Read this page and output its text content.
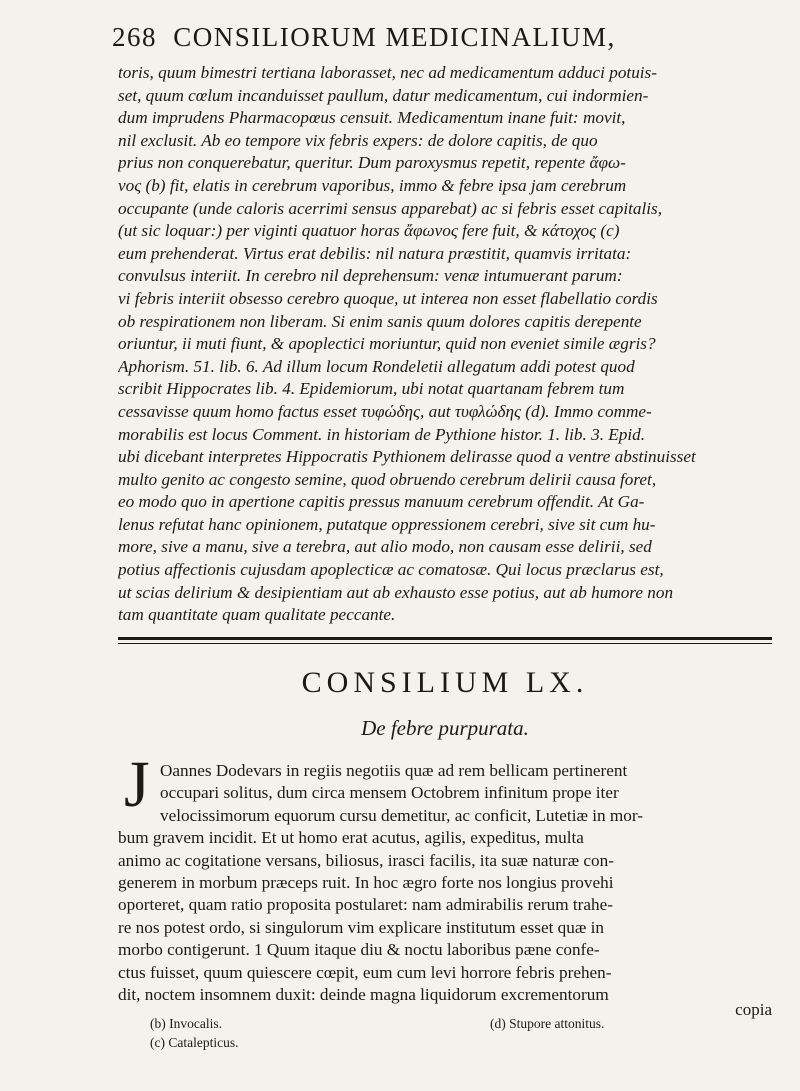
268 CONSILIORUM MEDICINALIUM,
toris, quum bimestri tertiana laborasset, nec ad medicamentum adduci potuis-
set, quum cœlum incanduisset paullum, datur medicamentum, cui indormien-
dum imprudens Pharmacopœus censuit. Medicamentum inane fuit: movit,
nil exclusit. Ab eo tempore vix febris expers: de dolore capitis, de quo
prius non conquerebatur, queritur. Dum paroxysmus repetit, repente ἄφω-
νος (b) fit, elatis in cerebrum vaporibus, immo & febre ipsa jam cerebrum
occupante (unde caloris acerrimi sensus apparebat) ac si febris esset capitalis,
(ut sic loquar:) per viginti quatuor horas ἄφωνος fere fuit, & κάτοχος (c)
eum prehenderat. Virtus erat debilis: nil natura præstitit, quamvis irritata:
convulsus interiit. In cerebro nil deprehensum: venæ intumuerant parum:
vi febris interiit obsesso cerebro quoque, ut interea non esset flabellatio cordis
ob respirationem non liberam. Si enim sanis quum dolores capitis derepente
oriuntur, ii muti fiunt, & apoplectici moriuntur, quid non eveniet simile ægris?
Aphorism. 51. lib. 6. Ad illum locum Rondeletii allegatum addi potest quod
scribit Hippocrates lib. 4. Epidemiorum, ubi notat quartanam febrem tum
cessavisse quum homo factus esset τυφώδης, aut τυφλώδης (d). Immo comme-
morabilis est locus Comment. in historiam de Pythione histor. 1. lib. 3. Epid.
ubi dicebant interpretes Hippocratis Pythionem delirasse quod a ventre abstinuisset
multo genito ac congesto semine, quod obruendo cerebrum delirii causa foret,
eo modo quo in apertione capitis pressus manuum cerebrum offendit. At Ga-
lenus refutat hanc opinionem, putatque oppressionem cerebri, sive sit cum hu-
more, sive a manu, sive a terebra, aut alio modo, non causam esse delirii, sed
potius affectionis cujusdam apoplecticæ ac comatosæ. Qui locus præclarus est,
ut scias delirium & desipientiam aut ab exhausto esse potius, aut ab humore non
tam quantitate quam qualitate peccante.
CONSILIUM LX.
De febre purpurata.
J Oannes Dodevars in regiis negotiis quæ ad rem bellicam pertinerent
occupari solitus, dum circa mensem Octobrem infinitum prope iter
velocissimorum equorum cursu demetitur, ac conficit, Lutetiæ in mor-
bum gravem incidit. Et ut homo erat acutus, agilis, expeditus, multa
animo ac cogitatione versans, biliosus, irasci facilis, ita suæ naturæ con-
generem in morbum præceps ruit. In hoc ægro forte nos longius provehi
oporteret, quam ratio proposita postularet: nam admirabilis rerum trahe-
re nos potest ordo, si singulorum vim explicare institutum esset quæ in
morbo contigerunt. 1 Quum itaque diu & noctu laboribus pæne confe-
ctus fuisset, quum quiescere cœpit, eum cum levi horrore febris prehen-
dit, noctem insomnem duxit: deinde magna liquidorum excrementorum
copia
(b) Invocalis.
(c) Catalepticus.
(d) Stupore attonitus.
